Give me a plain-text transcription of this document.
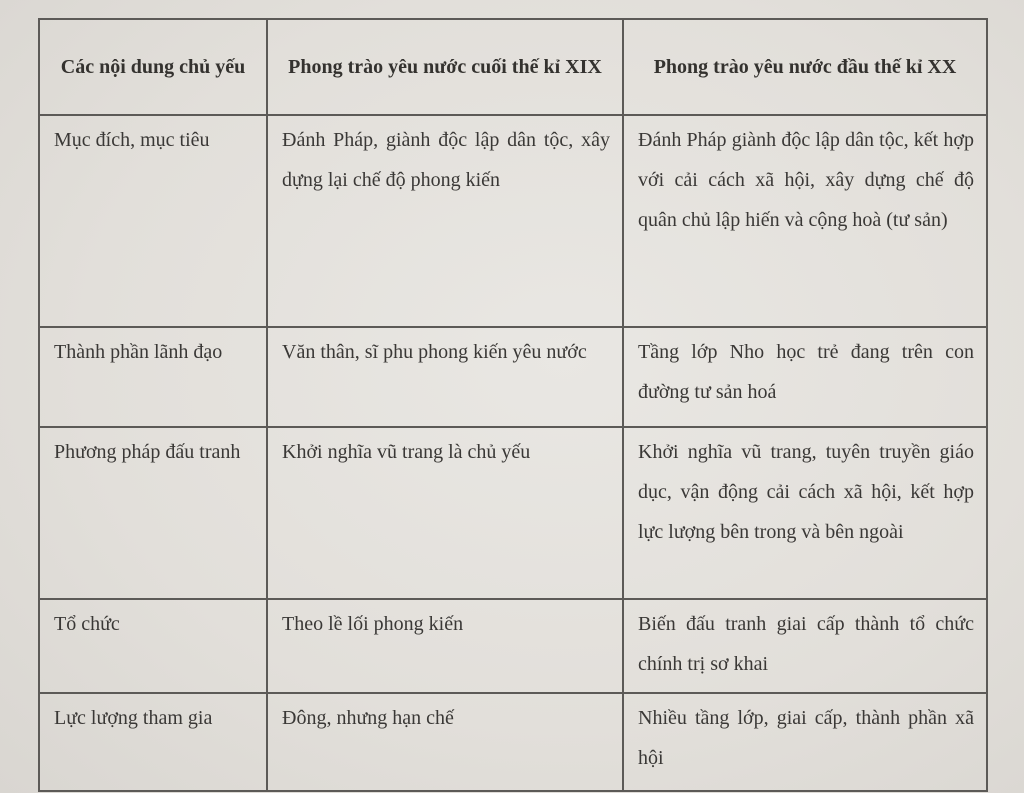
Các nội dung chủ yếu	Phong trào yêu nước cuối thế kỉ XIX	Phong trào yêu nước đầu thế kỉ XX
Mục đích, mục tiêu	Đánh Pháp, giành độc lập dân tộc, xây dựng lại chế độ phong kiến	Đánh Pháp giành độc lập dân tộc, kết hợp với cải cách xã hội, xây dựng chế độ quân chủ lập hiến và cộng hoà (tư sản)
Thành phần lãnh đạo	Văn thân, sĩ phu phong kiến yêu nước	Tầng lớp Nho học trẻ đang trên con đường tư sản hoá
Phương pháp đấu tranh	Khởi nghĩa vũ trang là chủ yếu	Khởi nghĩa vũ trang, tuyên truyền giáo dục, vận động cải cách xã hội, kết hợp lực lượng bên trong và bên ngoài
Tổ chức	Theo lề lối phong kiến	Biến đấu tranh giai cấp thành tổ chức chính trị sơ khai
Lực lượng tham gia	Đông, nhưng hạn chế	Nhiều tầng lớp, giai cấp, thành phần xã hội
